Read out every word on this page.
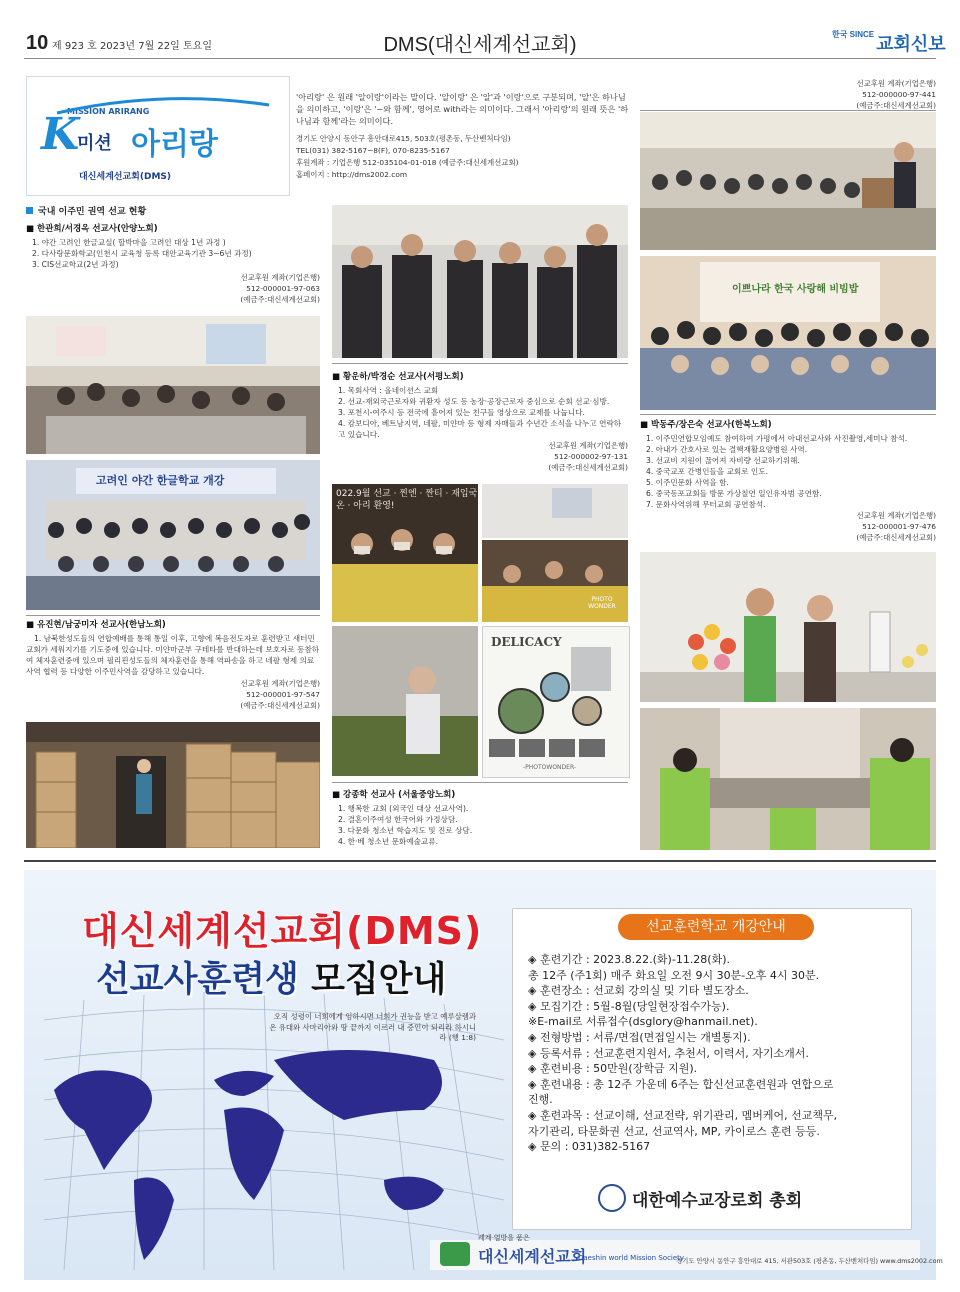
10 제 923 호 2023년 7월 22일 토요일	DMS(대신세계선교회)	한국 SINCE 교회신보
MISSION ARIRANG
K
미션 아리랑
대신세계선교회(DMS)

'아리랑' 은 원래 '알이랑'이라는 말이다. '알이랑' 은 '알'과 '이랑'으로 구분되며, '알'은 하나님을 의미하고, '이랑'은 '~와 함께', 영어로 with라는 의미이다. 그래서 '아리랑'의 원래 뜻은 '하나님과 함께'라는 의미이다.

경기도 안양시 동안구 흥안대로415, 503호(평촌동, 두산벤처다임)

TEL(031) 382-5167~8(F), 070-8235-5167

후원계좌 : 기업은행 512-035104-01-018 (예금주:대신세계선교회)

홈페이지 : http://dms2002.com

선교후원 계좌(기업은행)
512-000000-97-441
(예금주:대신세계선교회)
국내 이주민 권역 선교 현황
■ 한관희/서경옥 선교사(안양노회)
1. 야간 고려인 한글교실( 할박마을 고려인 대상 1년 과정 )
2. 다사랑문화학교(인천시 교육청 등록 대안교육기관 3~6년 과정)
3. CIS선교학교(2년 과정)
선교후원 계좌(기업은행)
512-000001-97-063
(예금주:대신세계선교회)
고려인 야간 한글학교 개강
■ 유진현/남궁미자 선교사(한남노회)

1. 남북한성도들의 연합예배를 통해 통일 이후, 고향에 복음전도자로 훈련받고 새터민교회가 세워지기를 기도중에 있습니다. 미얀마군부 구테타를 반대하는데 보호자로 동참하여 체자훈련중에 있으며 필리핀성도들의 체자훈련을 통해 역파송을 하고 네팔 형제 의료사역 협력 등 다양한 이주민사역을 감당하고 있습니다.

선교후원 계좌(기업은행)
512-000001-97-547
(예금주:대신세계선교회)
■ 황운하/박경순 선교사(서평노회)
1. 목회사역 : 올네이션스 교회
2. 선교-재외국근로자와 귀환자 성도 등 농장·공장근로자 중심으로 순회 선교·심방.
3. 포천시-여주시 등 전국에 흩어져 있는 친구들 영상으로 교제를 나눕니다.
4. 캄보디아, 베트남지역, 네팔, 미얀마 등 형제 자매들과 수년간 소식을 나누고 연락하고 있습니다.
선교후원 계좌(기업은행)
512-000002-97-131
(예금주:대신세계선교회)
022.9월 선교 · 찐엔 · 짠티 · 재입국 온 · 아리 환영!
PHOTO WONDER
DELICACY
-PHOTOWONDER-
■ 강종학 선교사 (서울중앙노회)
1. 행복한 교회 (외국인 대상 선교사역).
2. 결혼이주여성 한국어와 가정상담.
3. 다문화 청소년 학습지도 및 진로 상담.
4. 한·베 청소년 문화예술교류.
이쁘나라 한국 사랑해 비빔밥
■ 박동주/장은숙 선교사(한북노회)
1. 이주민연합모임예도 참여하여 가평에서 아내선교사와 사진촬영,세미나 참석.
2. 아내가 간호사로 있는 결핵재활요양병원 사역.
3. 선교비 지원이 끊어져 자비량 선교하기위해.
4. 중국교포 간병인들을 교회로 인도.
5. 이주민문화 사역을 함.
6. 중국동포교회들 방문 가상칠연 일인유자범 공연함.
7. 문화사역위해 무터교회 공연참석.
선교후원 계좌(기업은행)
512-000001-97-476
(예금주:대신세계선교회)
대신세계선교회(DMS)
선교사훈련생 모집안내
오직 성령이 너희에게 임하시면 너희가 권능을 받고 예루살렘과 온 유대와 사마리아와 땅 끝까지 이르러 내 증인이 되리라 하시니라 (행 1:8)
선교훈련학교 개강안내
◈ 훈련기간 : 2023.8.22.(화)-11.28(화).
총 12주 (주1회) 매주 화요일 오전 9시 30분-오후 4시 30분.
◈ 훈련장소 : 선교회 강의실 및 기타 별도장소.
◈ 모집기간 : 5월-8월(당일현장접수가능).
※E-mail로 서류접수(dsglory@hanmail.net).
◈ 전형방법 : 서류/면접(면접일시는 개별통지).
◈ 등록서류 : 선교훈련지원서, 추천서, 이력서, 자기소개서.
◈ 훈련비용 : 50만원(장학금 지원).
◈ 훈련내용 : 총 12주 가운데 6주는 합신선교훈련원과 연합으로
진행.
◈ 훈련과목 : 선교이해, 선교전략, 위기관리, 멤버케어, 선교책무,
자기관리, 타문화권 선교, 선교역사, MP, 카이로스 훈련 등등.
◈ 문의 : 031)382-5167
대한예수교장로회 총회
세계 열방을 품은
대신세계선교회
Daeshin world Mission Society
경기도 안양시 동안구 흥안대로 415, 서관503호 (평촌동, 두산벤처다임) www.dms2002.com
